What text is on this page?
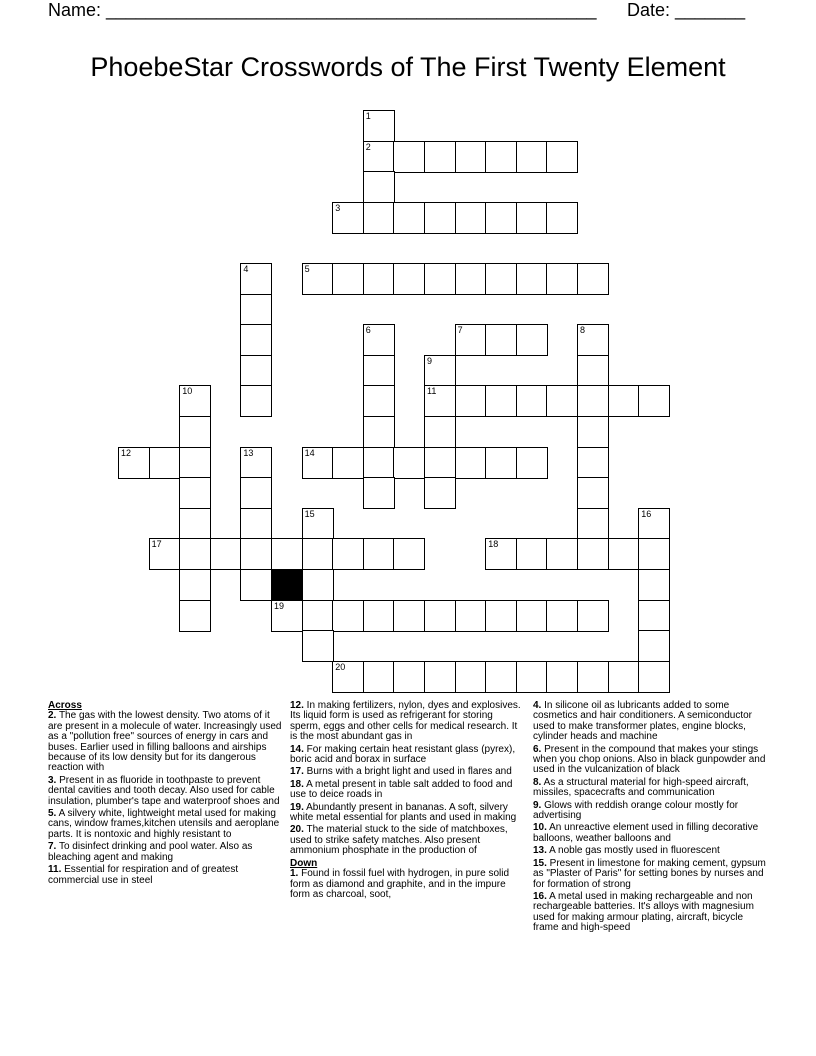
Name: _________________________________________________ Date: _______
PhoebeStar Crosswords of The First Twenty Element
1
2
3
4	5
6	7	8
9
10	11
12	13	14
15	16
17	18
19
20
Across
2. The gas with the lowest density. Two atoms of it are present in a molecule of water. Increasingly used as a "pollution free" sources of energy in cars and buses. Earlier used in filling balloons and airships because of its low density but for its dangerous reaction with
3. Present in as fluoride in toothpaste to prevent dental cavities and tooth decay. Also used for cable insulation, plumber's tape and waterproof shoes and
5. A silvery white, lightweight metal used for making cans, window frames,kitchen utensils and aeroplane parts. It is nontoxic and highly resistant to
7. To disinfect drinking and pool water. Also as bleaching agent and making
11. Essential for respiration and of greatest commercial use in steel
12. In making fertilizers, nylon, dyes and explosives. Its liquid form is used as refrigerant for storing sperm, eggs and other cells for medical research. It is the most abundant gas in
14. For making certain heat resistant glass (pyrex), boric acid and borax in surface
17. Burns with a bright light and used in flares and
18. A metal present in table salt added to food and use to deice roads in
19. Abundantly present in bananas. A soft, silvery white metal essential for plants and used in making
20. The material stuck to the side of matchboxes, used to strike safety matches. Also present ammonium phosphate in the production of
Down
1. Found in fossil fuel with hydrogen, in pure solid form as diamond and graphite, and in the impure form as charcoal, soot,
4. In silicone oil as lubricants added to some cosmetics and hair conditioners. A semiconductor used to make transformer plates, engine blocks, cylinder heads and machine
6. Present in the compound that makes your stings when you chop onions. Also in black gunpowder and used in the vulcanization of black
8. As a structural material for high-speed aircraft, missiles, spacecrafts and communication
9. Glows with reddish orange colour mostly for advertising
10. An unreactive element used in filling decorative balloons, weather balloons and
13. A noble gas mostly used in fluorescent
15. Present in limestone for making cement, gypsum as "Plaster of Paris" for setting bones by nurses and for formation of strong
16. A metal used in making rechargeable and non rechargeable batteries. It's alloys with magnesium used for making armour plating, aircraft, bicycle frame and high-speed
